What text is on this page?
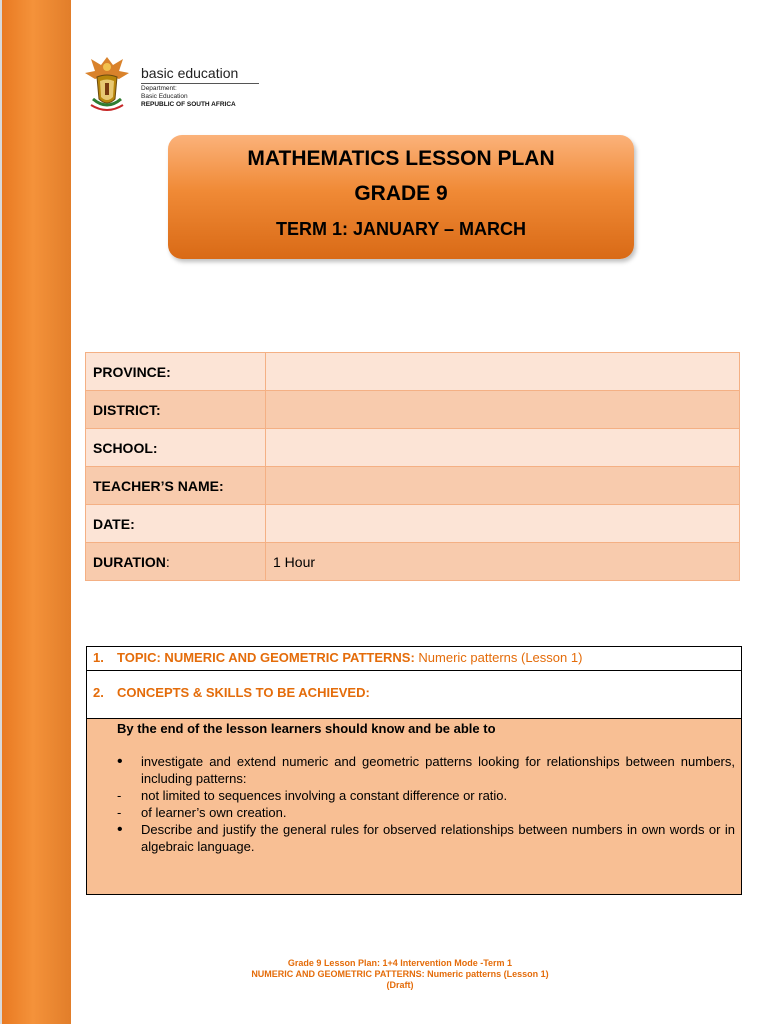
basic education
Department:
Basic Education
REPUBLIC OF SOUTH AFRICA
MATHEMATICS LESSON PLAN
GRADE 9
TERM 1: JANUARY – MARCH
PROVINCE:	
DISTRICT:	
SCHOOL:	
TEACHER’S NAME:	
DATE:	
DURATION:	1 Hour
1. TOPIC: NUMERIC AND GEOMETRIC PATTERNS: Numeric patterns (Lesson 1)
2. CONCEPTS & SKILLS TO BE ACHIEVED:
By the end of the lesson learners should know and be able to
•	investigate and extend numeric and geometric patterns looking for relationships between numbers, including patterns:
-	not limited to sequences involving a constant difference or ratio.
-	of learner’s own creation.
•	Describe and justify the general rules for observed relationships between numbers in own words or in algebraic language.
Grade 9 Lesson Plan: 1+4 Intervention Mode -Term 1
NUMERIC AND GEOMETRIC PATTERNS: Numeric patterns (Lesson 1)
(Draft)
